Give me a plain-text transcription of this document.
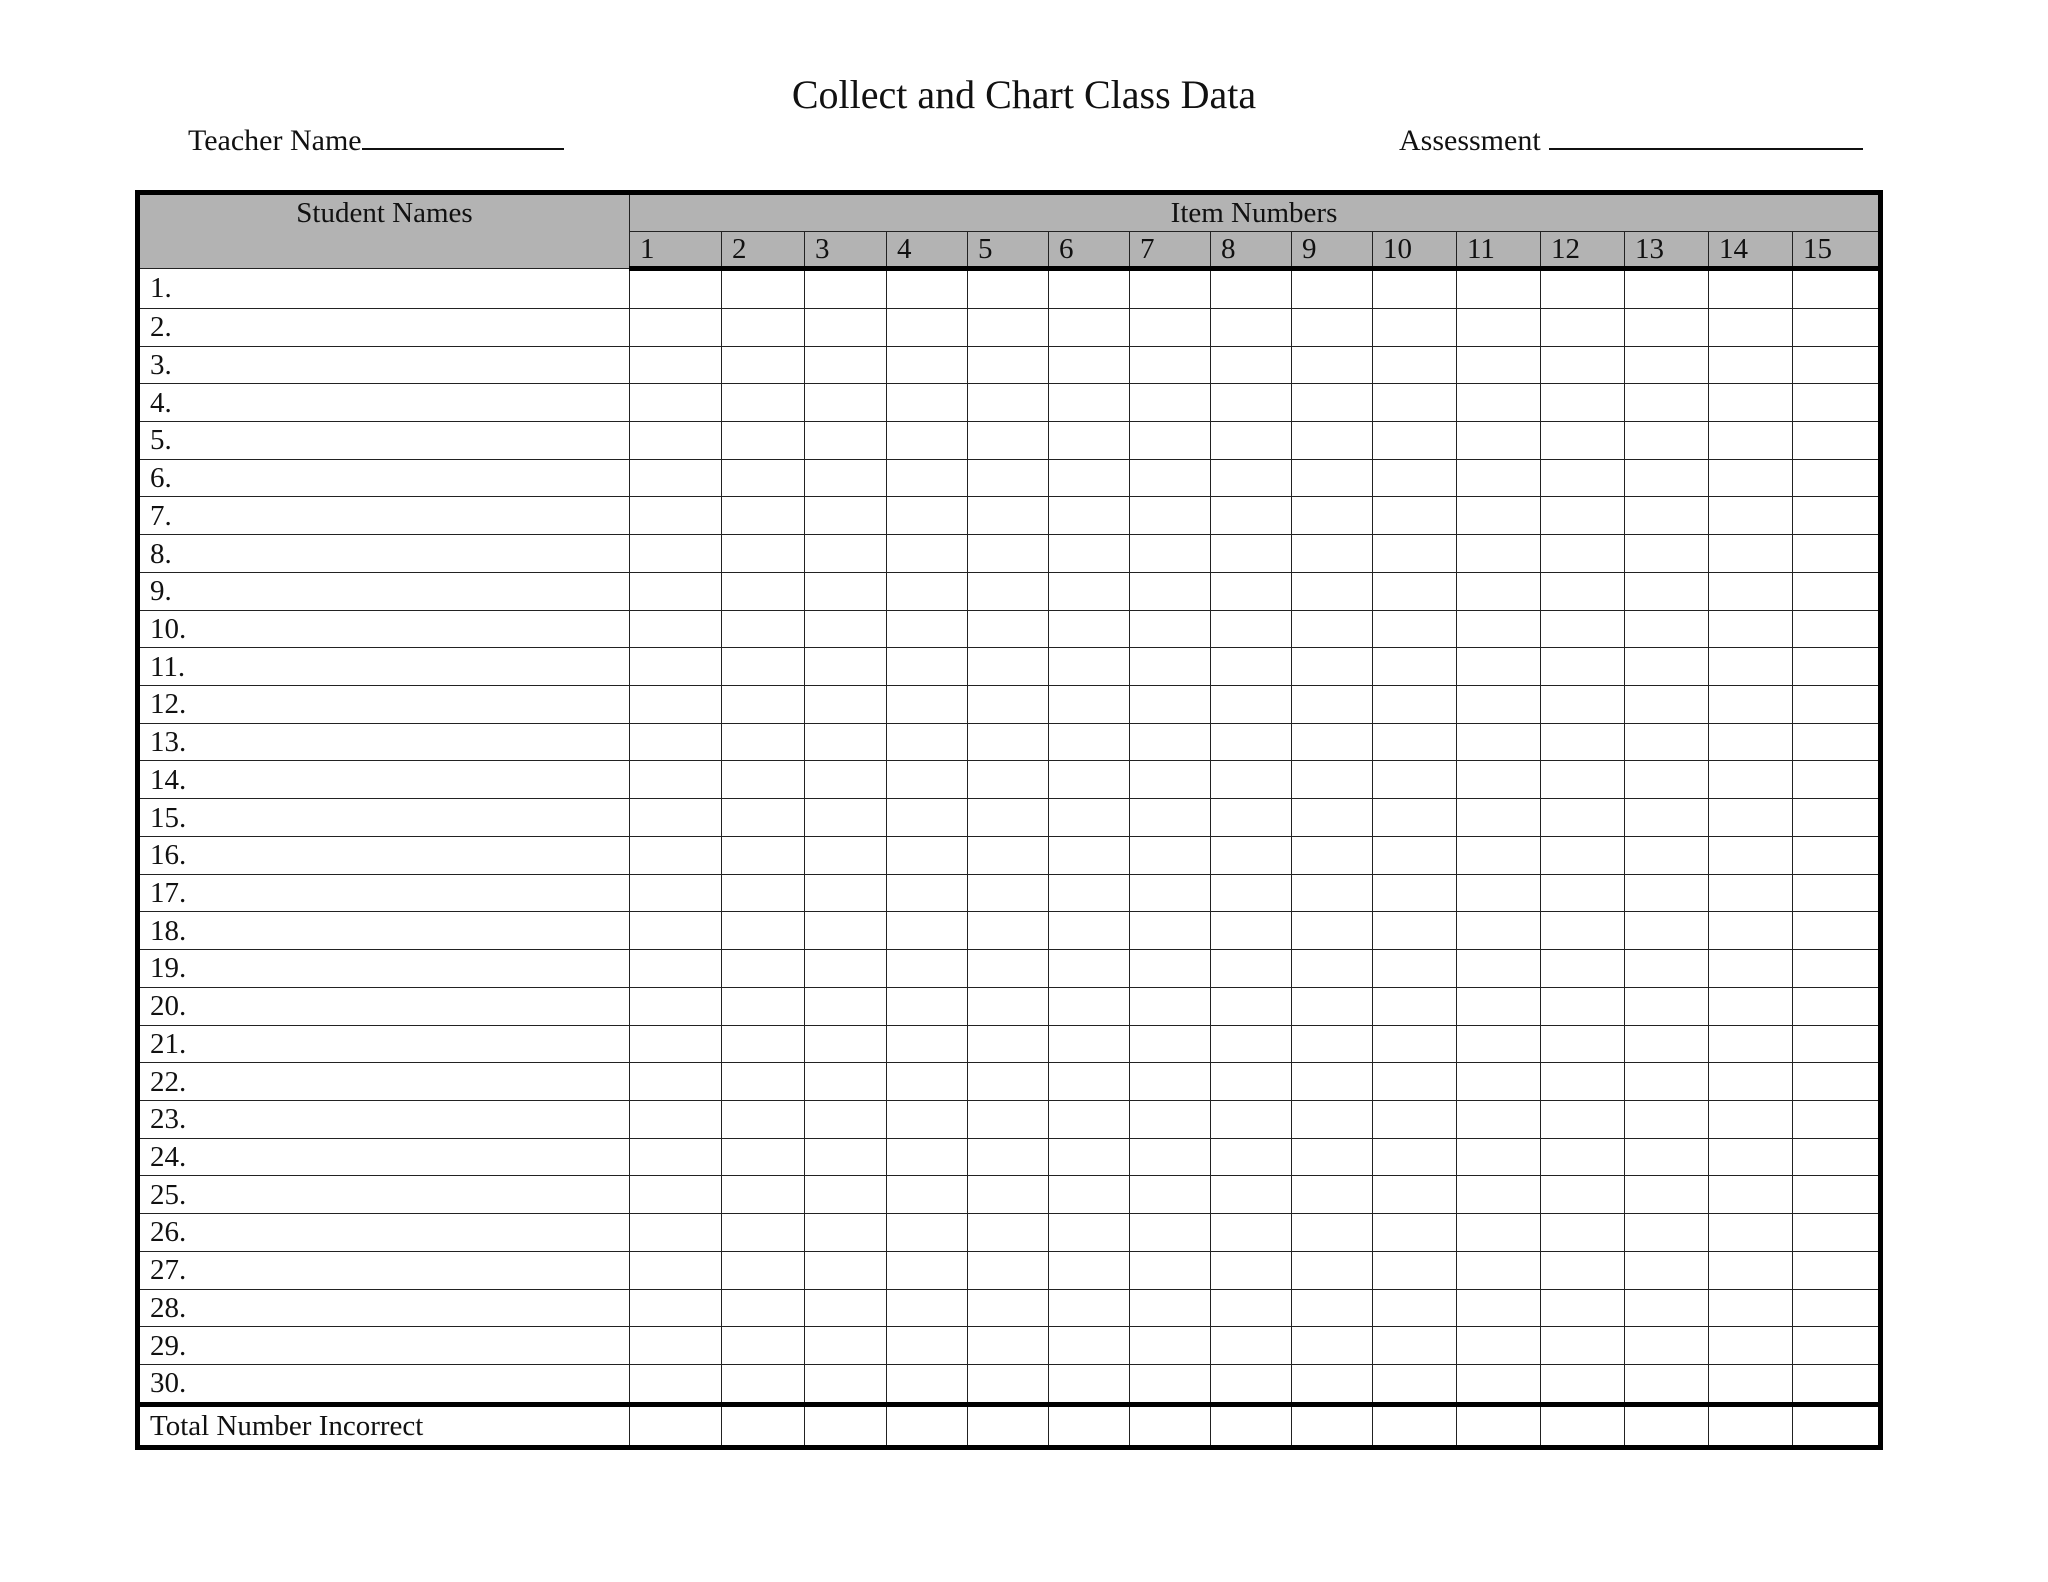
Collect and Chart Class Data
Teacher Name	Assessment
Student Names	Item Numbers														
	1	2	3	4	5	6	7	8	9	10	11	12	13	14	15
1.															
2.															
3.															
4.															
5.															
6.															
7.															
8.															
9.															
10.															
11.															
12.															
13.															
14.															
15.															
16.															
17.															
18.															
19.															
20.															
21.															
22.															
23.															
24.															
25.															
26.															
27.															
28.															
29.															
30.															
Total Number Incorrect															
